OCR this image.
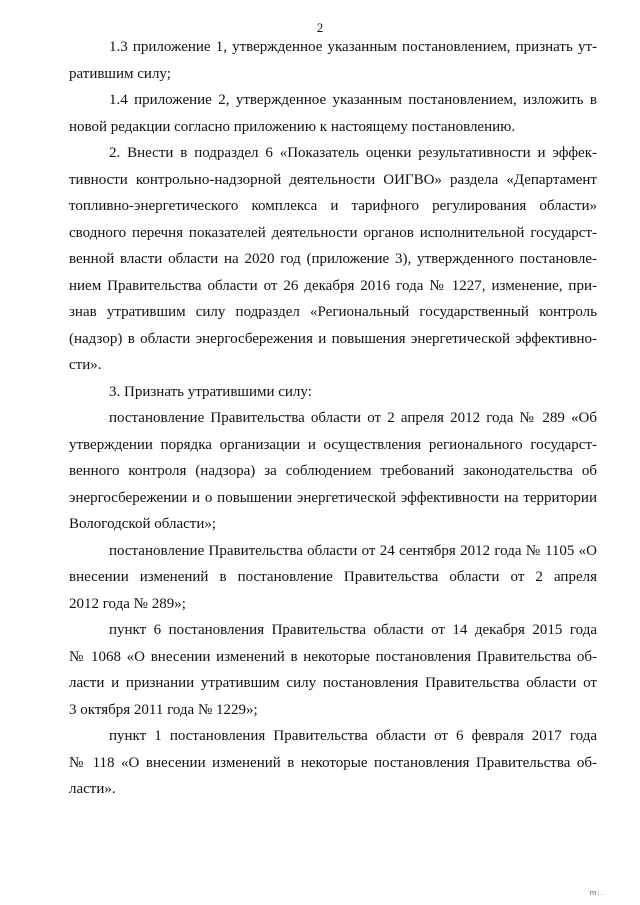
2
1.3 приложение 1, утвержденное указанным постановлением, признать ут-
ратившим силу;
1.4 приложение 2, утвержденное указанным постановлением, изложить в
новой редакции согласно приложению к настоящему постановлению.
2. Внести в подраздел 6 «Показатель оценки результативности и эффек-
тивности контрольно-надзорной деятельности ОИГВО» раздела «Департамент
топливно-энергетического комплекса и тарифного регулирования области»
сводного перечня показателей деятельности органов исполнительной государст-
венной власти области на 2020 год (приложение 3), утвержденного постановле-
нием Правительства области от 26 декабря 2016 года № 1227, изменение, при-
знав утратившим силу подраздел «Региональный государственный контроль
(надзор) в области энергосбережения и повышения энергетической эффективно-
сти».
3. Признать утратившими силу:
постановление Правительства области от 2 апреля 2012 года № 289 «Об
утверждении порядка организации и осуществления регионального государст-
венного контроля (надзора) за соблюдением требований законодательства об
энергосбережении и о повышении энергетической эффективности на территории
Вологодской области»;
постановление Правительства области от 24 сентября 2012 года № 1105 «О
внесении изменений в постановление Правительства области от 2 апреля
2012 года № 289»;
пункт 6 постановления Правительства области от 14 декабря 2015 года
№ 1068 «О внесении изменений в некоторые постановления Правительства об-
ласти и признании утратившим силу постановления Правительства области от
3 октября 2011 года № 1229»;
пункт 1 постановления Правительства области от 6 февраля 2017 года
№ 118 «О внесении изменений в некоторые постановления Правительства об-
ласти».
m:.
